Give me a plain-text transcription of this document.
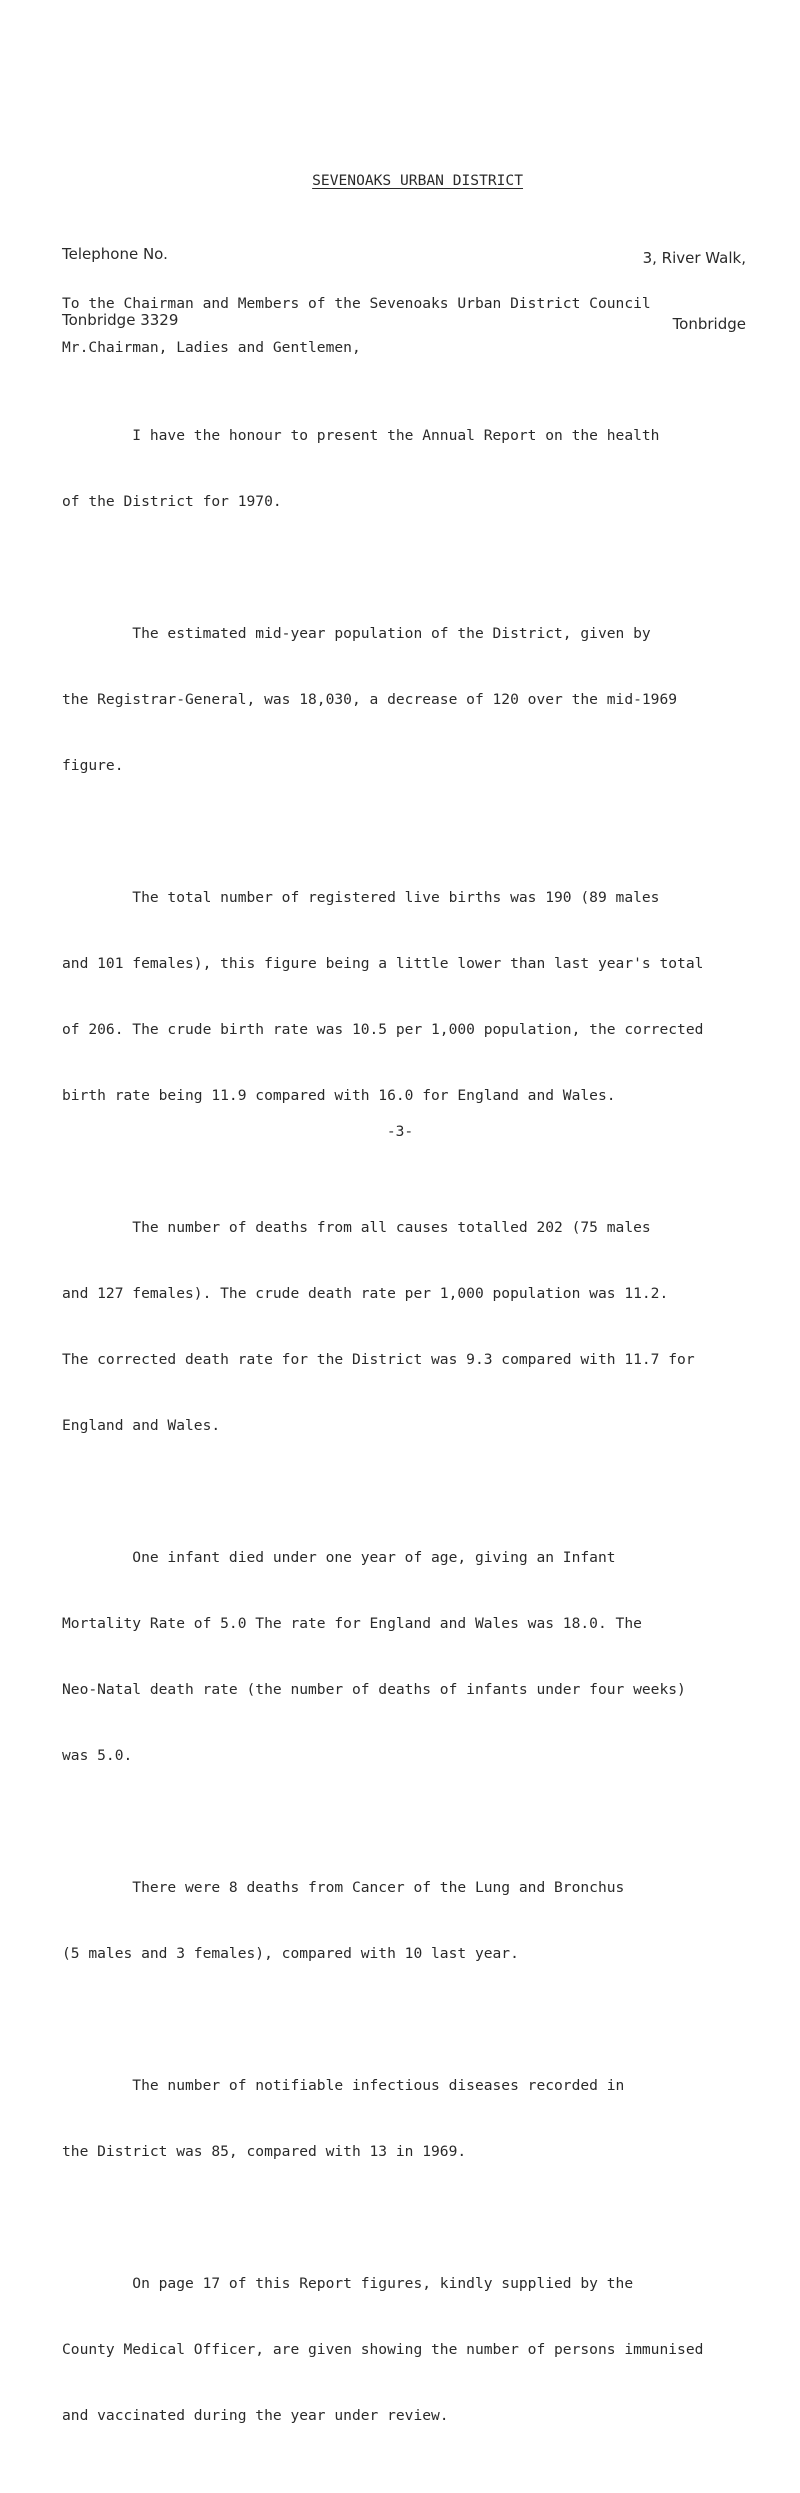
SEVENOAKS URBAN DISTRICT

Telephone No.

Tonbridge 3329

3, River Walk,

Tonbridge

To the Chairman and Members of the Sevenoaks Urban District Council
Mr.Chairman, Ladies and Gentlemen,

I have the honour to present the Annual Report on the health

of the District for 1970.

The estimated mid-year population of the District, given by

the Registrar-General, was 18,030, a decrease of 120 over the mid-1969

figure.

The total number of registered live births was 190 (89 males

and 101 females), this figure being a little lower than last year's total

of 206. The crude birth rate was 10.5 per 1,000 population, the corrected

birth rate being 11.9 compared with 16.0 for England and Wales.

The number of deaths from all causes totalled 202 (75 males

and 127 females). The crude death rate per 1,000 population was 11.2.

The corrected death rate for the District was 9.3 compared with 11.7 for

England and Wales.

One infant died under one year of age, giving an Infant

Mortality Rate of 5.0 The rate for England and Wales was 18.0. The

Neo-Natal death rate (the number of deaths of infants under four weeks)

was 5.0.

There were 8 deaths from Cancer of the Lung and Bronchus

(5 males and 3 females), compared with 10 last year.

The number of notifiable infectious diseases recorded in

the District was 85, compared with 13 in 1969.

On page 17 of this Report figures, kindly supplied by the

County Medical Officer, are given showing the number of persons immunised

and vaccinated during the year under review.

-3-
